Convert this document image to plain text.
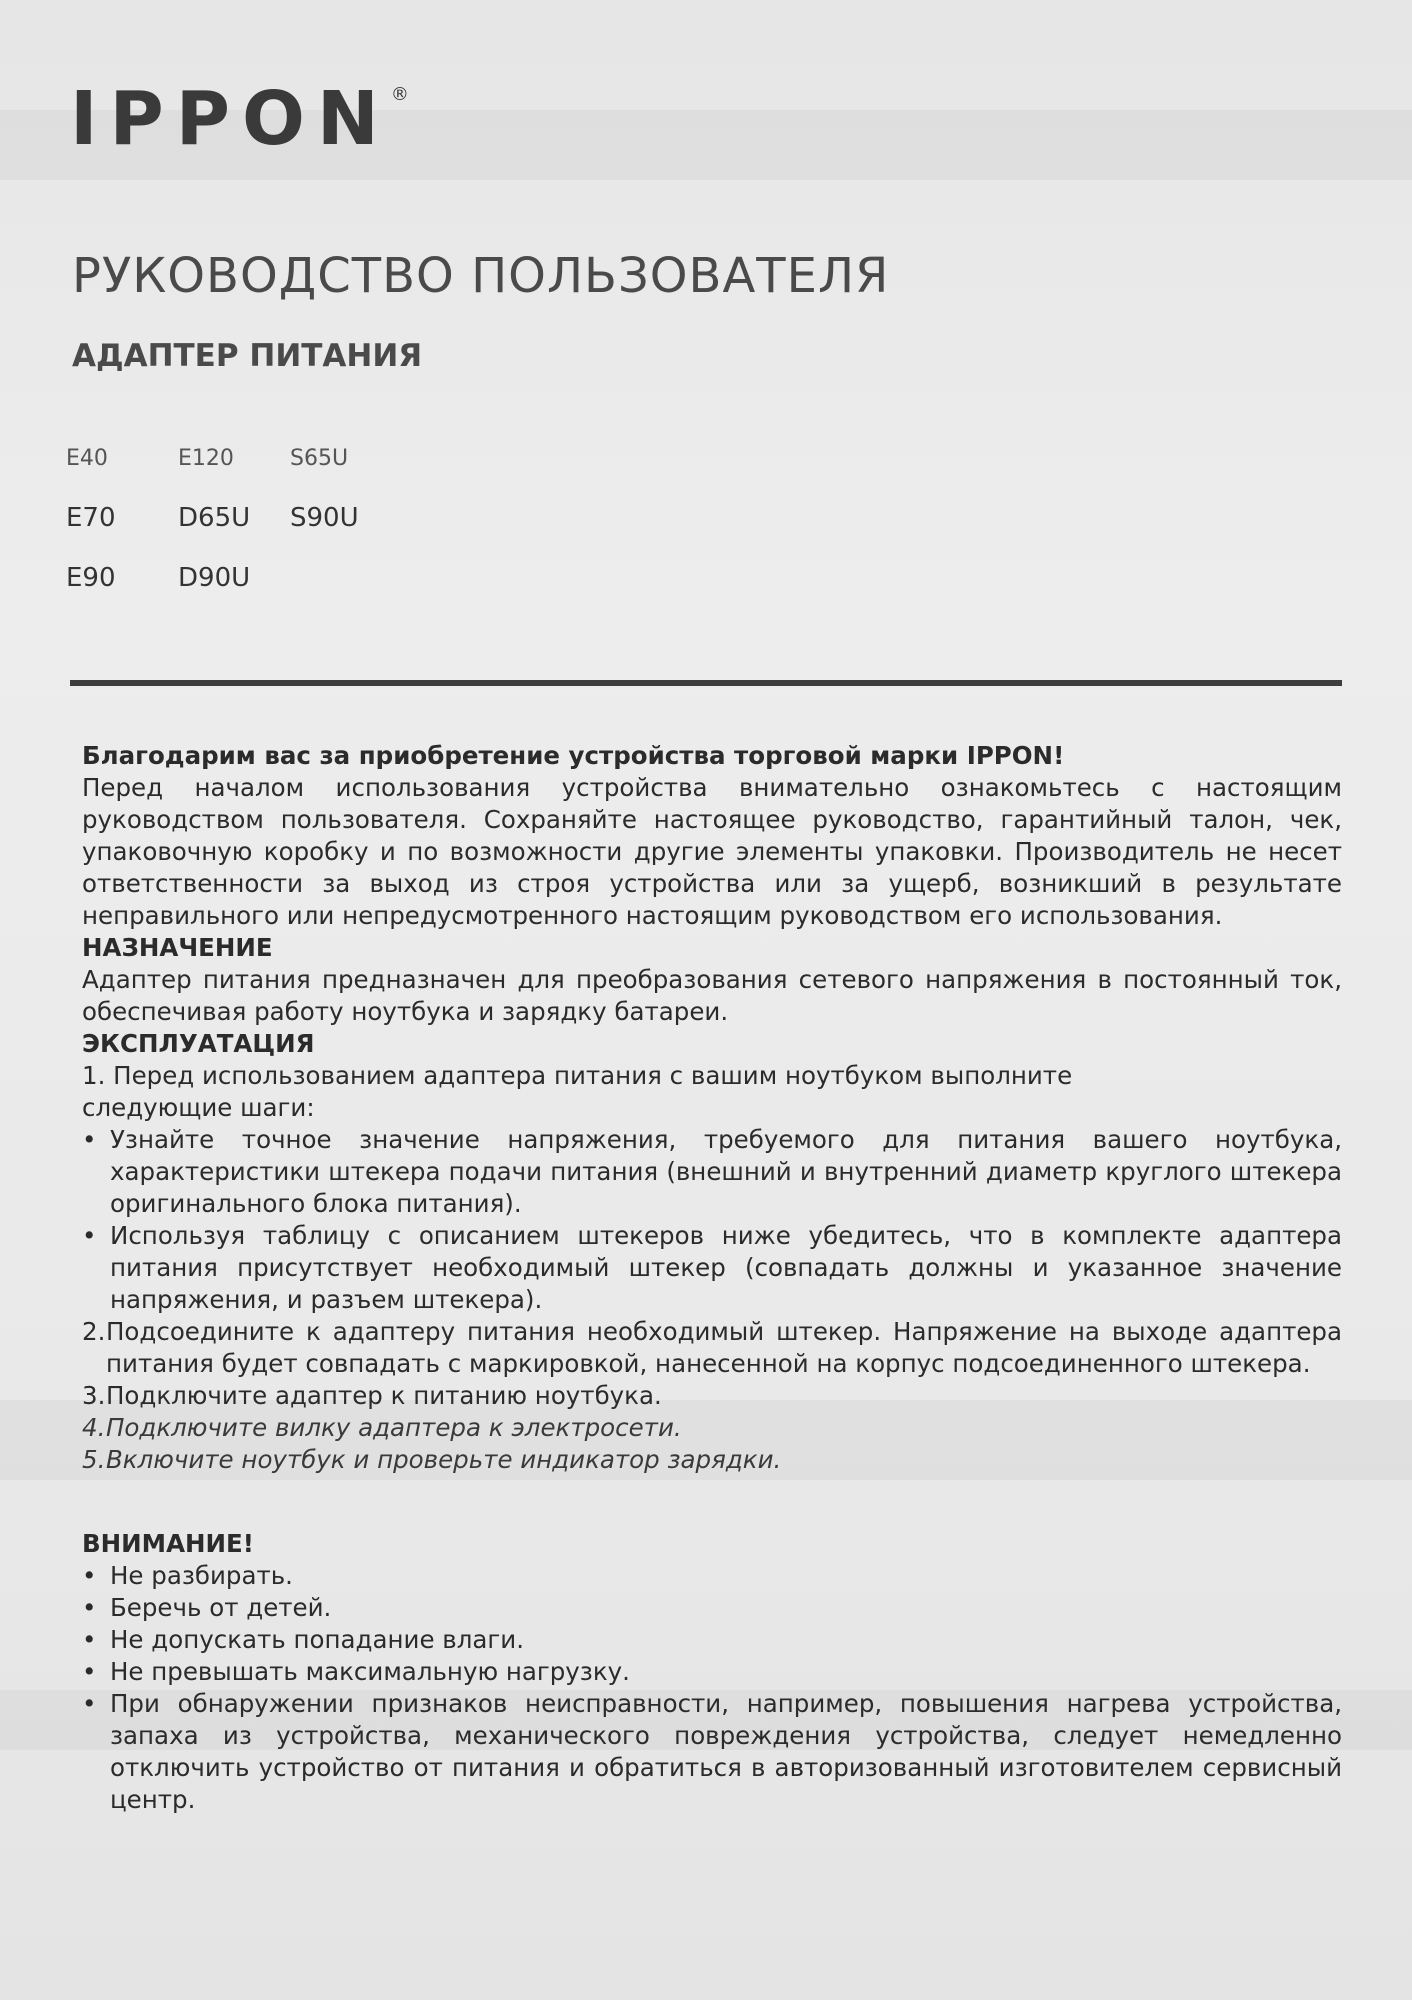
IPPON®
РУКОВОДСТВО ПОЛЬЗОВАТЕЛЯ
АДАПТЕР ПИТАНИЯ
E40	E120	S65U
E70	D65U	S90U
E90	D90U

Благодарим вас за приобретение устройства торговой марки IPPON!

Перед началом использования устройства внимательно ознакомьтесь с настоящим руководством пользователя. Сохраняйте настоящее руководство, гарантийный талон, чек, упаковочную коробку и по возможности другие элементы упаковки. Производитель не несет ответственности за выход из строя устройства или за ущерб, возникший в результате неправильного или непредусмотренного настоящим руководством его использования.

НАЗНАЧЕНИЕ

Адаптер питания предназначен для преобразования сетевого напряжения в постоянный ток, обеспечивая работу ноутбука и зарядку батареи.

ЭКСПЛУАТАЦИЯ

1. Перед использованием адаптера питания с вашим ноутбуком выполните следующие шаги:

• Узнайте точное значение напряжения, требуемого для питания вашего ноутбука, характеристики штекера подачи питания (внешний и внутренний диаметр круглого штекера оригинального блока питания).
• Используя таблицу с описанием штекеров ниже убедитесь, что в комплекте адаптера питания присутствует необходимый штекер (совпадать должны и указанное значение напряжения, и разъем штекера).

2. Подсоедините к адаптеру питания необходимый штекер. Напряжение на выходе адаптера питания будет совпадать с маркировкой, нанесенной на корпус подсоединенного штекера.

3. Подключите адаптер к питанию ноутбука.

4. Подключите вилку адаптера к электросети.

5. Включите ноутбук и проверьте индикатор зарядки.

ВНИМАНИЕ!

• Не разбирать.
• Беречь от детей.
• Не допускать попадание влаги.
• Не превышать максимальную нагрузку.
• При обнаружении признаков неисправности, например, повышения нагрева устройства, запаха из устройства, механического повреждения устройства, следует немедленно отключить устройство от питания и обратиться в авторизованный изготовителем сервисный центр.
